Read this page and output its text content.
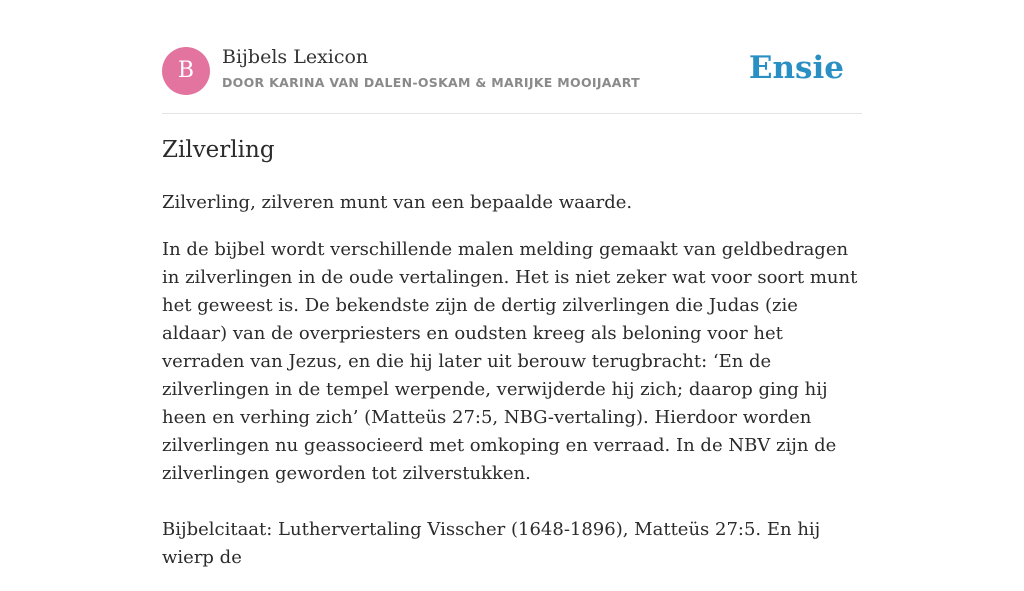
B
Bijbels Lexicon
DOOR KARINA VAN DALEN-OSKAM & MARIJKE MOOIJAART	Ensie
Zilverling

Zilverling, zilveren munt van een bepaalde waarde.

In de bijbel wordt verschillende malen melding gemaakt van geldbedragen in zilverlingen in de oude vertalingen. Het is niet zeker wat voor soort munt het geweest is. De bekendste zijn de dertig zilverlingen die Judas (zie aldaar) van de overpriesters en oudsten kreeg als beloning voor het verraden van Jezus, en die hij later uit berouw terugbracht: ‘En de zilverlingen in de tempel werpende, verwijderde hij zich; daarop ging hij heen en verhing zich’ (Matteüs 27:5, NBG-vertaling). Hierdoor worden zilverlingen nu geassocieerd met omkoping en verraad. In de NBV zijn de zilverlingen geworden tot zilverstukken.

Bijbelcitaat: Luthervertaling Visscher (1648-1896), Matteüs 27:5. En hij wierp de
